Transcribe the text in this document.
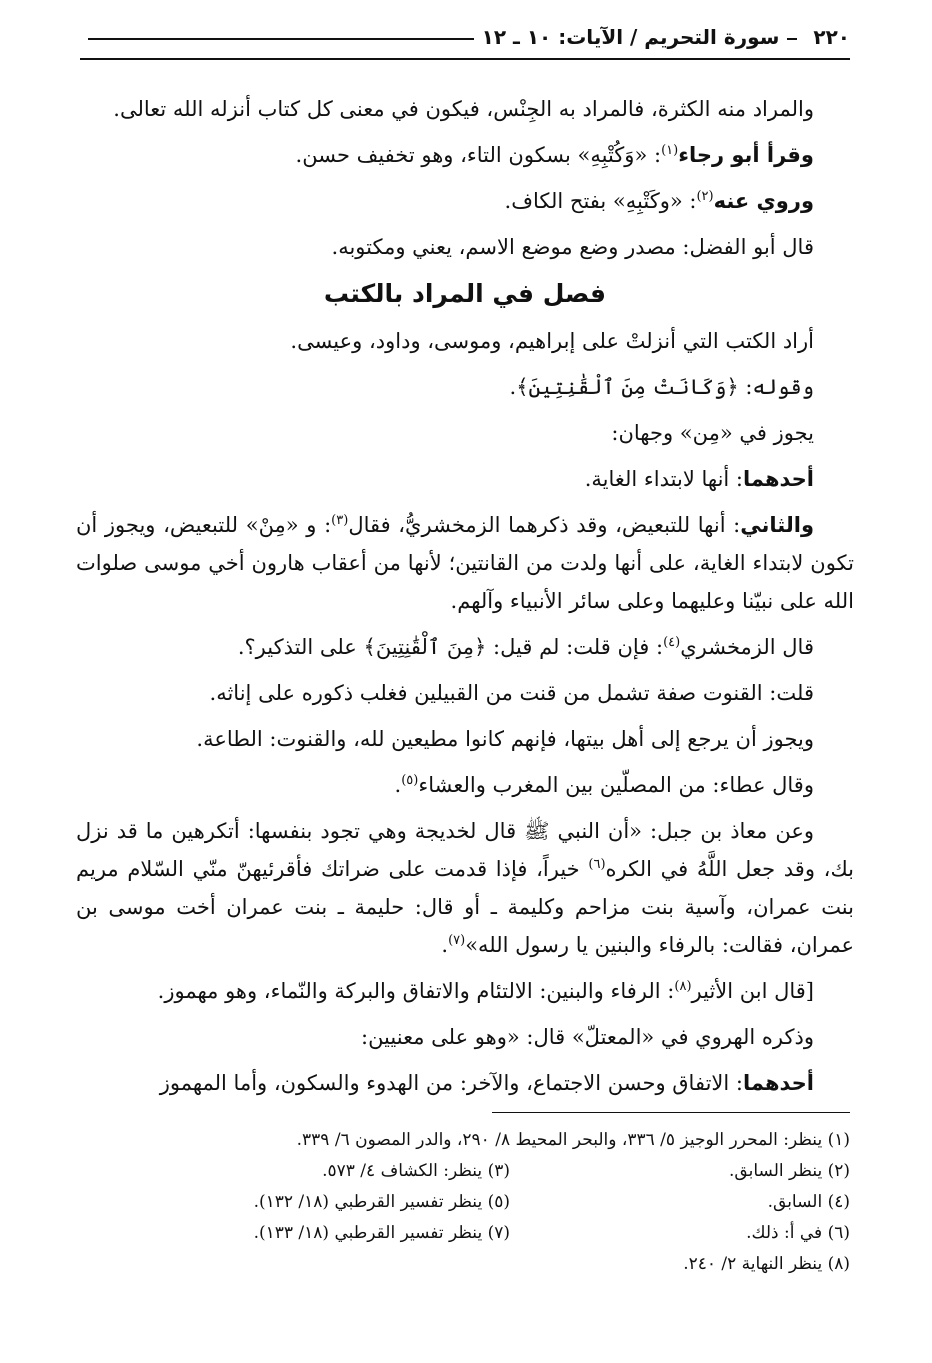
٢٢٠
سورة التحريم / الآيات: ١٠ ـ ١٢

والمراد منه الكثرة، فالمراد به الجِنْس، فيكون في معنى كل كتاب أنزله الله تعالى.

وقرأ أبو رجاء$^{(١)}$: «وَكُتْبِهِ» بسكون التاء، وهو تخفيف حسن.

وروي عنه$^{(٢)}$: «وكَتْبِهِ» بفتح الكاف.

قال أبو الفضل: مصدر وضع موضع الاسم، يعني ومكتوبه.

فصل في المراد بالكتب

أراد الكتب التي أنزلتْ على إبراهيم، وموسى، وداود، وعيسى.

وقوله: ﴿وَكَانَتْ مِنَ ٱلْقَٰنِتِينَ﴾.

يجوز في «مِن» وجهان:

أحدهما: أنها لابتداء الغاية.

والثاني: أنها للتبعيض، وقد ذكرهما الزمخشريُّ، فقال$^{(٣)}$: و «مِنْ» للتبعيض، ويجوز أن تكون لابتداء الغاية، على أنها ولدت من القانتين؛ لأنها من أعقاب هارون أخي موسى صلوات الله على نبيّنا وعليهما وعلى سائر الأنبياء وآلهم.

قال الزمخشري$^{(٤)}$: فإن قلت: لم قيل: ﴿مِنَ ٱلْقَٰنِتِينَ﴾ على التذكير؟.

قلت: القنوت صفة تشمل من قنت من القبيلين فغلب ذكوره على إناثه.

ويجوز أن يرجع إلى أهل بيتها، فإنهم كانوا مطيعين لله، والقنوت: الطاعة.

وقال عطاء: من المصلّين بين المغرب والعشاء$^{(٥)}$.

وعن معاذ بن جبل: «أن النبي ﷺ قال لخديجة وهي تجود بنفسها: أتكرهين ما قد نزل بك، وقد جعل اللَّهُ في الكره$^{(٦)}$ خيراً، فإذا قدمت على ضراتك فأقرئيهنّ منّي السّلام مريم بنت عمران، وآسية بنت مزاحم وكليمة ـ أو قال: حليمة ـ بنت عمران أخت موسى بن عمران، فقالت: بالرفاء والبنين يا رسول الله»$^{(٧)}$.

[قال ابن الأثير$^{(٨)}$: الرفاء والبنين: الالتئام والاتفاق والبركة والنّماء، وهو مهموز.

وذكره الهروي في «المعتلّ» قال: «وهو على معنيين:

أحدهما: الاتفاق وحسن الاجتماع، والآخر: من الهدوء والسكون، وأما المهموز

(١) ينظر: المحرر الوجيز ٥/ ٣٣٦، والبحر المحيط ٨/ ٢٩٠، والدر المصون ٦/ ٣٣٩.
(٢) ينظر السابق.
(٣) ينظر: الكشاف ٤/ ٥٧٣.
(٤) السابق.
(٥) ينظر تفسير القرطبي (١٨/ ١٣٢).
(٦) في أ: ذلك.
(٧) ينظر تفسير القرطبي (١٨/ ١٣٣).
(٨) ينظر النهاية ٢/ ٢٤٠.
